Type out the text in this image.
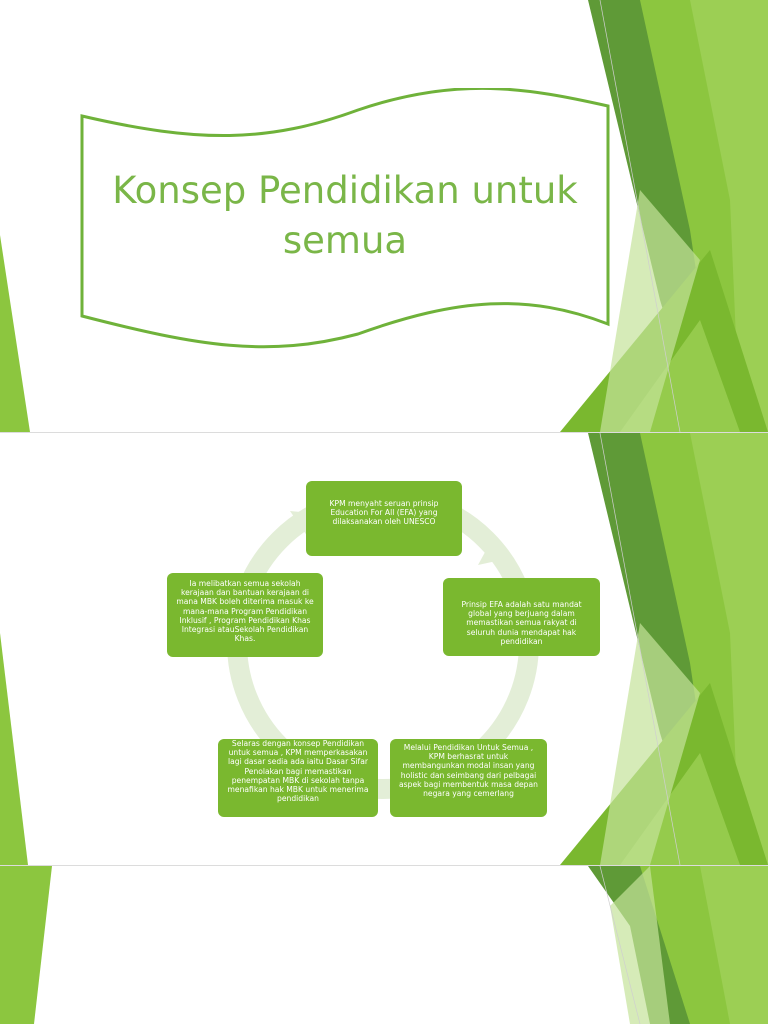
Konsep Pendidikan untuk
semua
KPM menyaht seruan prinsip Education For All (EFA) yang dilaksanakan oleh UNESCO
Prinsip EFA adalah satu mandat global yang berjuang dalam memastikan semua rakyat di seluruh dunia mendapat hak pendidikan
Melalui Pendidikan Untuk Semua , KPM berhasrat untuk membangunkan modal insan yang holistic dan seimbang dari pelbagai aspek bagi membentuk masa depan negara yang cemerlang
Selaras dengan konsep Pendidikan untuk semua , KPM memperkasakan lagi dasar sedia ada iaitu Dasar Sifar Penolakan bagi memastikan penempatan MBK di sekolah tanpa menafikan hak MBK untuk menerima pendidikan
Ia melibatkan semua sekolah kerajaan dan bantuan kerajaan di mana MBK boleh diterima masuk ke mana-mana Program Pendidikan Inklusif , Program Pendidikan Khas Integrasi atauSekolah Pendidikan Khas.
